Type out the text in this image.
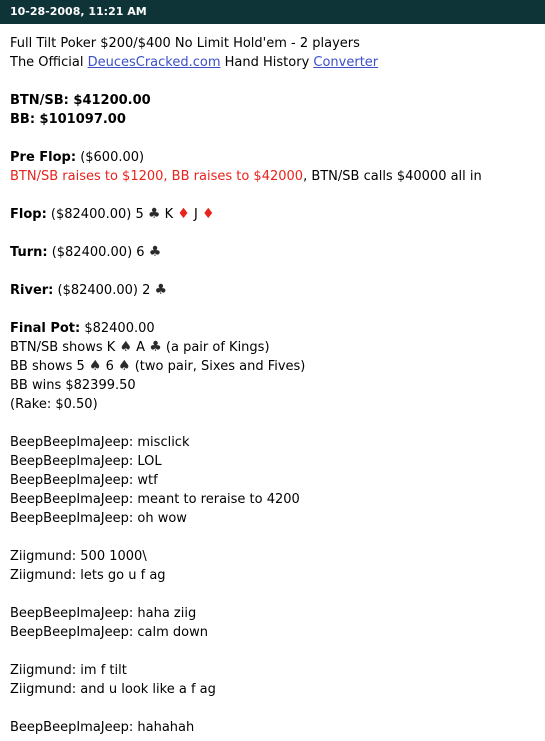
10-28-2008, 11:21 AM
Full Tilt Poker $200/$400 No Limit Hold'em - 2 players
The Official DeucesCracked.com Hand History Converter
BTN/SB: $41200.00
BB: $101097.00
Pre Flop: ($600.00)
BTN/SB raises to $1200, BB raises to $42000, BTN/SB calls $40000 all in
Flop: ($82400.00) 5 ♣ K ♦ J ♦
Turn: ($82400.00) 6 ♣
River: ($82400.00) 2 ♣
Final Pot: $82400.00
BTN/SB shows K ♠ A ♣ (a pair of Kings)
BB shows 5 ♠ 6 ♠ (two pair, Sixes and Fives)
BB wins $82399.50
(Rake: $0.50)
BeepBeepImaJeep: misclick
BeepBeepImaJeep: LOL
BeepBeepImaJeep: wtf
BeepBeepImaJeep: meant to reraise to 4200
BeepBeepImaJeep: oh wow
Ziigmund: 500 1000\
Ziigmund: lets go u f ag
BeepBeepImaJeep: haha ziig
BeepBeepImaJeep: calm down
Ziigmund: im f tilt
Ziigmund: and u look like a f ag
BeepBeepImaJeep: hahahah
